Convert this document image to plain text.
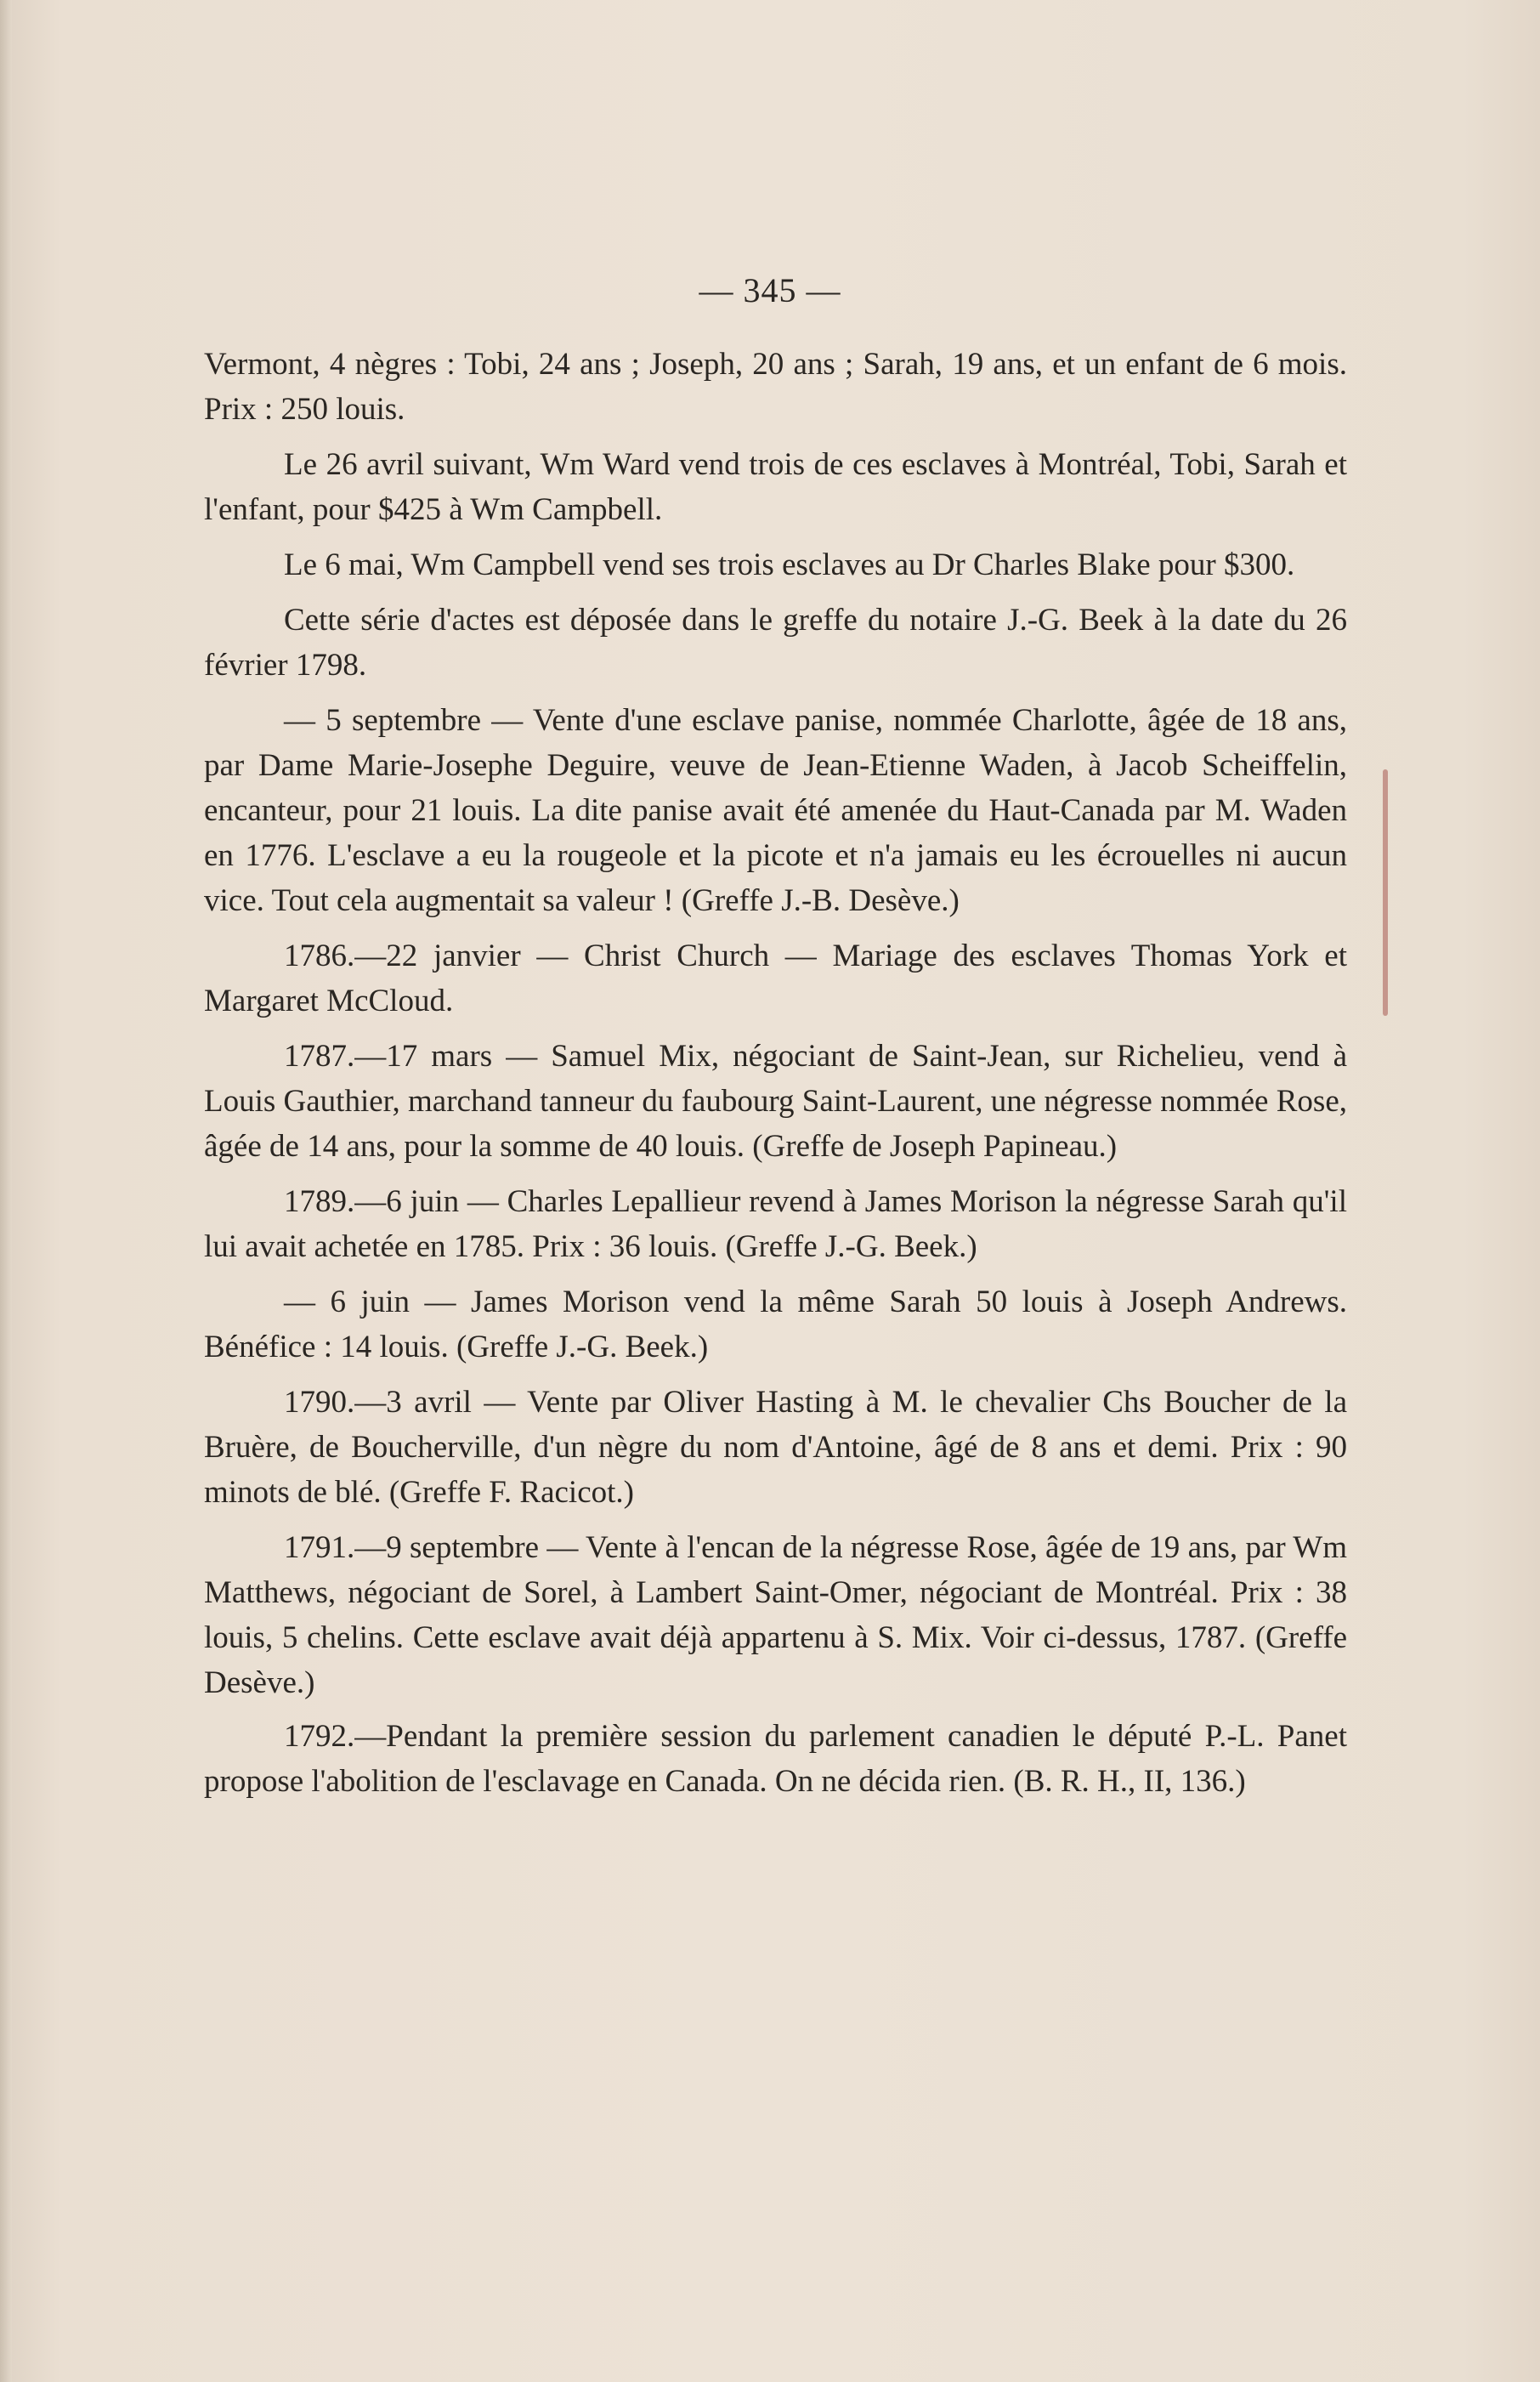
— 345 —

Vermont, 4 nègres : Tobi, 24 ans ; Joseph, 20 ans ; Sarah, 19 ans, et un enfant de 6 mois. Prix : 250 louis.

Le 26 avril suivant, Wm Ward vend trois de ces esclaves à Montréal, Tobi, Sarah et l'enfant, pour $425 à Wm Campbell.

Le 6 mai, Wm Campbell vend ses trois esclaves au Dr Charles Blake pour $300.

Cette série d'actes est déposée dans le greffe du notaire J.-G. Beek à la date du 26 février 1798.

— 5 septembre — Vente d'une esclave panise, nommée Charlotte, âgée de 18 ans, par Dame Marie-Josephe Deguire, veuve de Jean-Etienne Waden, à Jacob Scheiffelin, encanteur, pour 21 louis. La dite panise avait été amenée du Haut-Canada par M. Waden en 1776. L'esclave a eu la rougeole et la picote et n'a jamais eu les écrouelles ni aucun vice. Tout cela augmentait sa valeur ! (Greffe J.-B. Desève.)

1786.—22 janvier — Christ Church — Mariage des esclaves Thomas York et Margaret McCloud.

1787.—17 mars — Samuel Mix, négociant de Saint-Jean, sur Richelieu, vend à Louis Gauthier, marchand tanneur du faubourg Saint-Laurent, une négresse nommée Rose, âgée de 14 ans, pour la somme de 40 louis. (Greffe de Joseph Papineau.)

1789.—6 juin — Charles Lepallieur revend à James Morison la négresse Sarah qu'il lui avait achetée en 1785. Prix : 36 louis. (Greffe J.-G. Beek.)

— 6 juin — James Morison vend la même Sarah 50 louis à Joseph Andrews. Bénéfice : 14 louis. (Greffe J.-G. Beek.)

1790.—3 avril — Vente par Oliver Hasting à M. le chevalier Chs Boucher de la Bruère, de Boucherville, d'un nègre du nom d'Antoine, âgé de 8 ans et demi. Prix : 90 minots de blé. (Greffe F. Racicot.)

1791.—9 septembre — Vente à l'encan de la négresse Rose, âgée de 19 ans, par Wm Matthews, négociant de Sorel, à Lambert Saint-Omer, négociant de Montréal. Prix : 38 louis, 5 chelins. Cette esclave avait déjà appartenu à S. Mix. Voir ci-dessus, 1787. (Greffe Desève.)

1792.—Pendant la première session du parlement canadien le député P.-L. Panet propose l'abolition de l'esclavage en Canada. On ne décida rien. (B. R. H., II, 136.)
